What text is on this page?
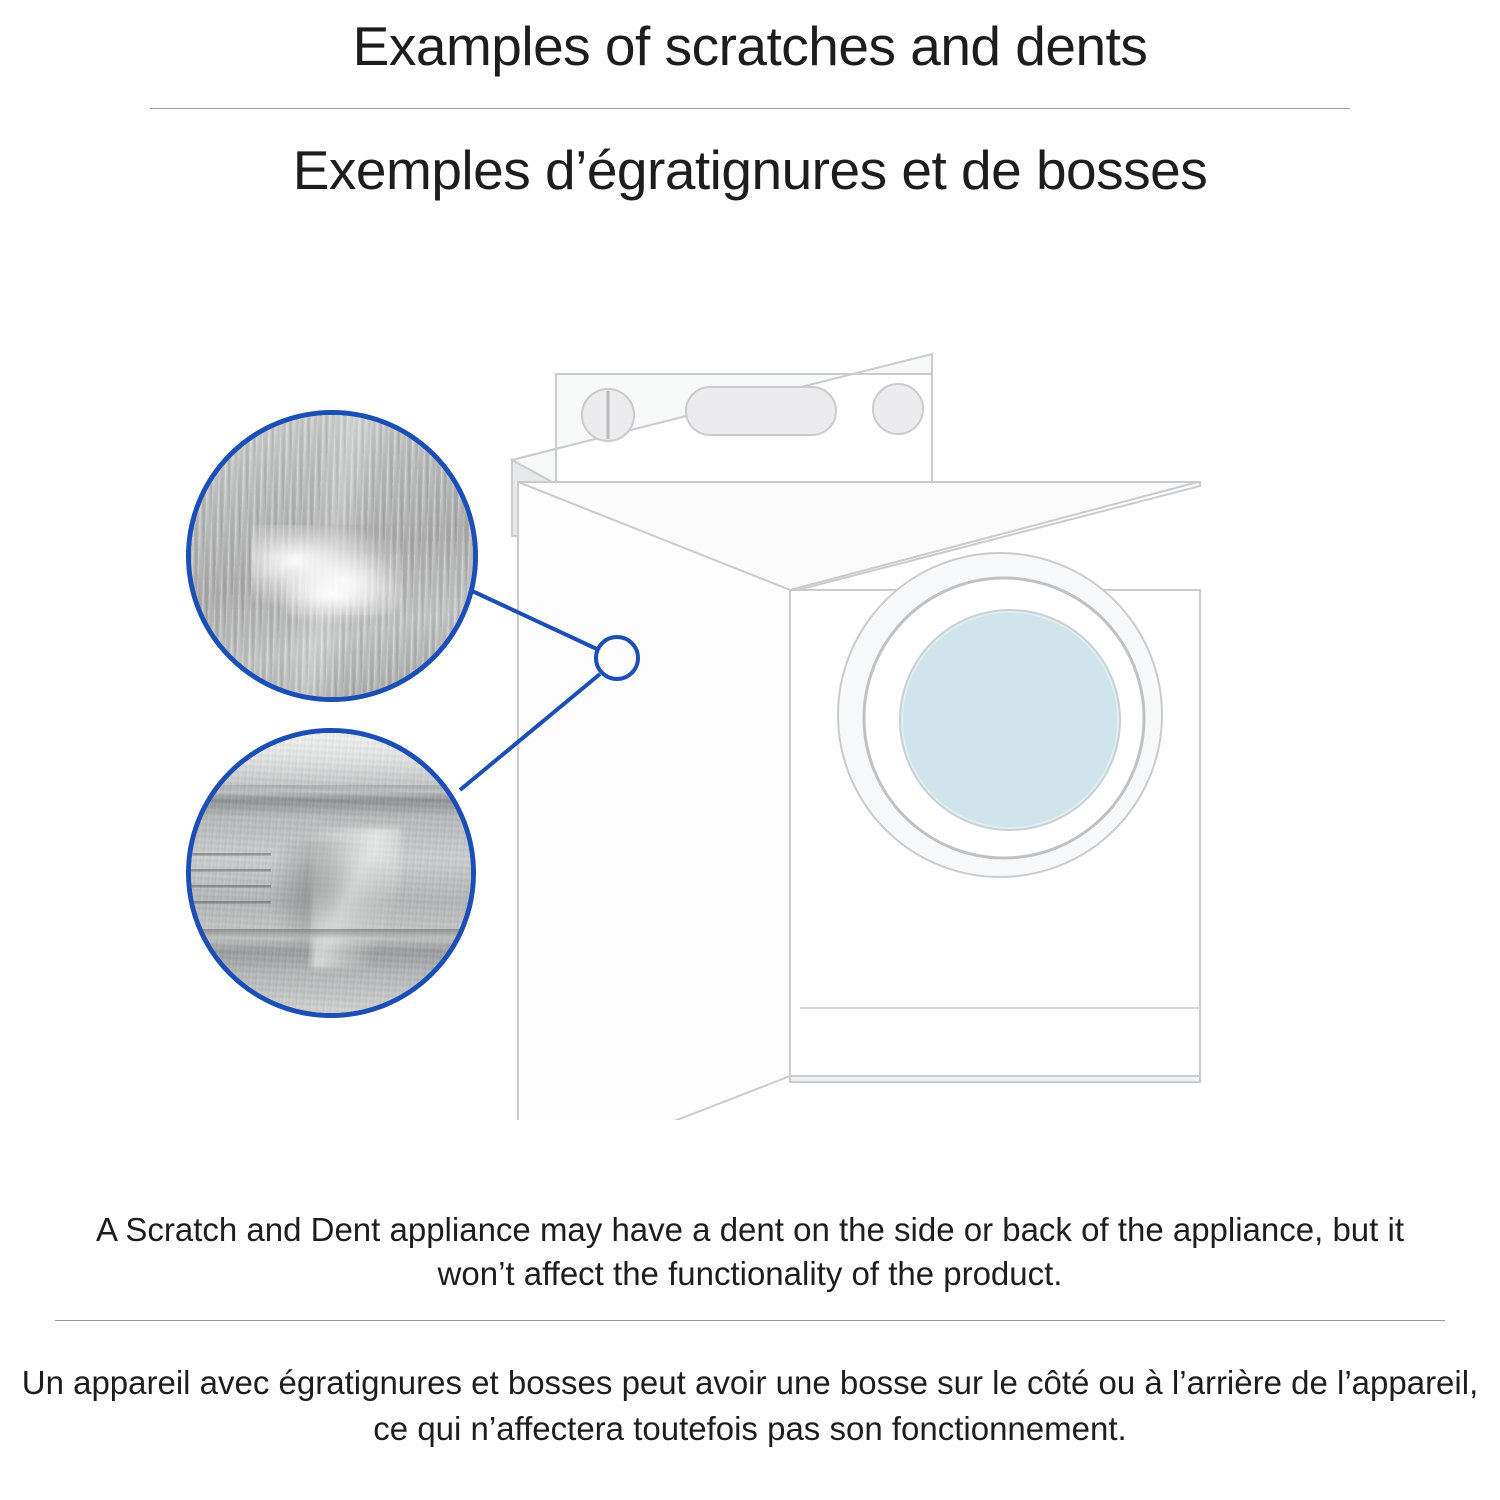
Examples of scratches and dents
Exemples d’égratignures et de bosses
A Scratch and Dent appliance may have a dent on the side or back of the appliance, but it won’t affect the functionality of the product.
Un appareil avec égratignures et bosses peut avoir une bosse sur le côté ou à l’arrière de l’appareil, ce qui n’affectera toutefois pas son fonctionnement.
